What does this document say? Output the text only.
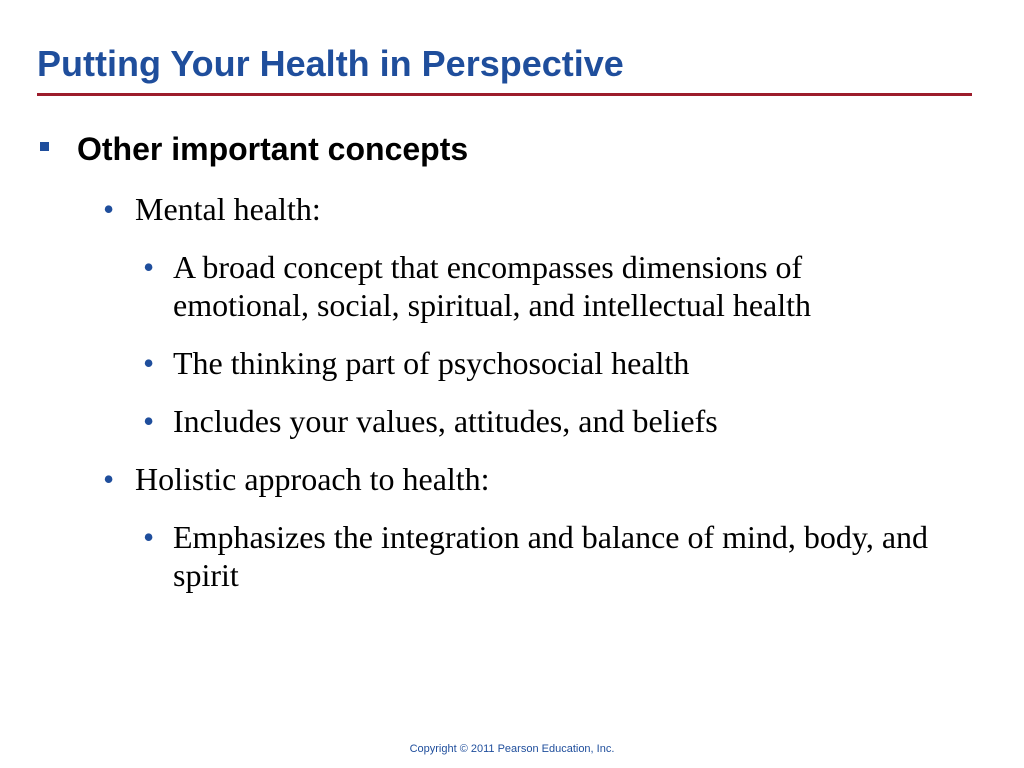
Putting Your Health in Perspective
Other important concepts
• Mental health:
• A broad concept that encompasses dimensions of emotional, social, spiritual, and intellectual health
• The thinking part of psychosocial health
• Includes your values, attitudes, and beliefs
• Holistic approach to health:
• Emphasizes the integration and balance of mind, body, and spirit
Copyright © 2011 Pearson Education, Inc.
